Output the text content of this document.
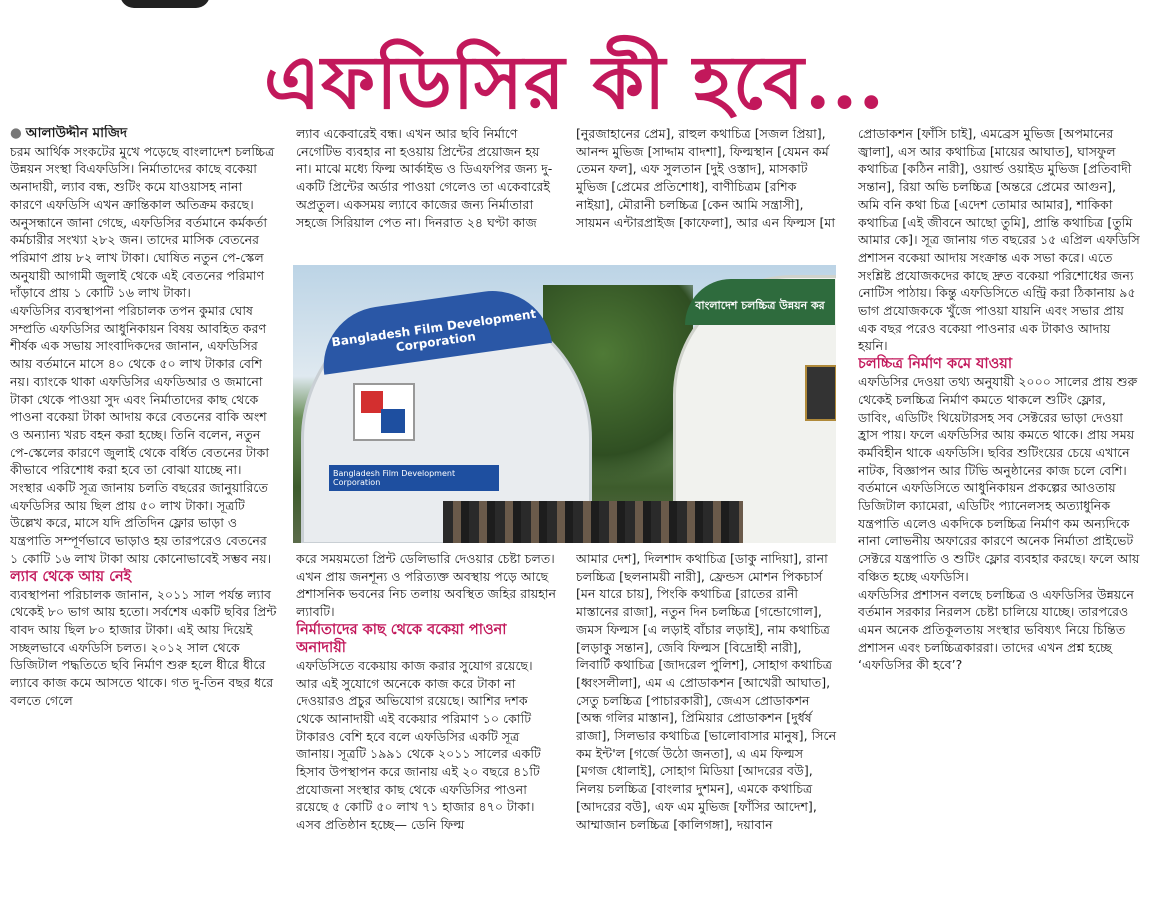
এফডিসির কী হবে...

● আলাউদ্দীন মাজিদ

চরম আর্থিক সংকটের মুখে পড়েছে বাংলাদেশ চলচ্চিত্র উন্নয়ন সংস্থা বিএফডিসি। নির্মাতাদের কাছে বকেয়া অনাদায়ী, ল্যাব বন্ধ, শুটিং কমে যাওয়াসহ নানা কারণে এফডিসি এখন ক্রান্তিকাল অতিক্রম করছে।

অনুসন্ধানে জানা গেছে, এফডিসির বর্তমানে কর্মকর্তা কর্মচারীর সংখ্যা ২৮২ জন। তাদের মাসিক বেতনের পরিমাণ প্রায় ৮২ লাখ টাকা। ঘোষিত নতুন পে-স্কেল অনুযায়ী আগামী জুলাই থেকে এই বেতনের পরিমাণ দাঁড়াবে প্রায় ১ কোটি ১৬ লাখ টাকা।

এফডিসির ব্যবস্থাপনা পরিচালক তপন কুমার ঘোষ সম্প্রতি এফডিসির আধুনিকায়ন বিষয় আবহিত করণ শীর্ষক এক সভায় সাংবাদিকদের জানান, এফডিসির আয় বর্তমানে মাসে ৪০ থেকে ৫০ লাখ টাকার বেশি নয়। ব্যাংকে থাকা এফডিসির এফডিআর ও জমানো টাকা থেকে পাওয়া সুদ এবং নির্মাতাদের কাছ থেকে পাওনা বকেয়া টাকা আদায় করে বেতনের বাকি অংশ ও অন্যান্য খরচ বহন করা হচ্ছে। তিনি বলেন, নতুন পে-স্কেলের কারণে জুলাই থেকে বর্ধিত বেতনের টাকা কীভাবে পরিশোধ করা হবে তা বোঝা যাচ্ছে না। সংস্থার একটি সূত্র জানায় চলতি বছরের জানুয়ারিতে এফডিসির আয় ছিল প্রায় ৫০ লাখ টাকা। সূত্রটি উল্লেখ করে, মাসে যদি প্রতিদিন ফ্লোর ভাড়া ও যন্ত্রপাতি সম্পূর্ণভাবে ভাড়াও হয় তারপরেও বেতনের ১ কোটি ১৬ লাখ টাকা আয় কোনোভাবেই সম্ভব নয়।

ল্যাব থেকে আয় নেই

ব্যবস্থাপনা পরিচালক জানান, ২০১১ সাল পর্যন্ত ল্যাব থেকেই ৮০ ভাগ আয় হতো। সর্বশেষ একটি ছবির প্রিন্ট বাবদ আয় ছিল ৮০ হাজার টাকা। এই আয় দিয়েই সচ্ছলভাবে এফডিসি চলত। ২০১২ সাল থেকে ডিজিটাল পদ্ধতিতে ছবি নির্মাণ শুরু হলে ধীরে ধীরে ল্যাবে কাজ কমে আসতে থাকে। গত দু-তিন বছর ধরে বলতে গেলে

ল্যাব একেবারেই বন্ধ। এখন আর ছবি নির্মাণে নেগেটিভ ব্যবহার না হওয়ায় প্রিন্টের প্রয়োজন হয় না। মাঝে মধ্যে ফিল্ম আর্কাইভ ও ডিএফপির জন্য দু-একটি প্রিন্টের অর্ডার পাওয়া গেলেও তা একেবারেই অপ্রতুল। একসময় ল্যাবে কাজের জন্য নির্মাতারা সহজে সিরিয়াল পেত না। দিনরাত ২৪ ঘণ্টা কাজ

[নুরজাহানের প্রেম], রাহুল কথাচিত্র [সজল প্রিয়া], আনন্দ মুভিজ [সাদ্দাম বাদশা], ফিল্মস্থান [যেমন কর্ম তেমন ফল], এফ সুলতান [দুই ওস্তাদ], মাসকাট মুভিজ [প্রেমের প্রতিশোধ], বাণীচিত্রম [রশিক নাইয়া], মৌরানী চলচ্চিত্র [কেন আমি সন্ত্রাসী], সায়মন এন্টারপ্রাইজ [কাফেলা], আর এন ফিল্মস [মা

Bangladesh Film Development Corporation
Bangladesh Film Development Corporation
বাংলাদেশ চলচ্চিত্র উন্নয়ন কর

করে সময়মতো প্রিন্ট ডেলিভারি দেওয়ার চেষ্টা চলত। এখন প্রায় জনশূন্য ও পরিত্যক্ত অবস্থায় পড়ে আছে প্রশাসনিক ভবনের নিচ তলায় অবস্থিত জহির রায়হান ল্যাবটি।

নির্মাতাদের কাছ থেকে বকেয়া পাওনা অনাদায়ী

এফডিসিতে বকেয়ায় কাজ করার সুযোগ রয়েছে। আর এই সুযোগে অনেকে কাজ করে টাকা না দেওয়ারও প্রচুর অভিযোগ রয়েছে। আশির দশক থেকে আনাদায়ী এই বকেয়ার পরিমাণ ১০ কোটি টাকারও বেশি হবে বলে এফডিসির একটি সূত্র জানায়। সূত্রটি ১৯৯১ থেকে ২০১১ সালের একটি হিসাব উপস্থাপন করে জানায় এই ২০ বছরে ৪১টি প্রযোজনা সংস্থার কাছ থেকে এফডিসির পাওনা রয়েছে ৫ কোটি ৫০ লাখ ৭১ হাজার ৪৭০ টাকা। এসব প্রতিষ্ঠান হচ্ছে— ডেনি ফিল্ম

আমার দেশ], দিলশাদ কথাচিত্র [ডাকু নাদিয়া], রানা চলচ্চিত্র [ছলনাময়ী নারী], ফ্রেন্ডস মোশন পিকচার্স [মন যারে চায়], পিংকি কথাচিত্র [রাতের রানী মাস্তানের রাজা], নতুন দিন চলচ্চিত্র [গন্ডোগোল], জমস ফিল্মস [এ লড়াই বাঁচার লড়াই], নাম কথাচিত্র [লড়াকু সন্তান], জেবি ফিল্মস [বিদ্রোহী নারী], লিবার্টি কথাচিত্র [জাদরেল পুলিশ], সোহাগ কথাচিত্র [ধ্বংসলীলা], এম এ প্রোডাকশন [আখেরী আঘাত], সেতু চলচ্চিত্র [পাচারকারী], জেএস প্রোডাকশন [অন্ধ গলির মাস্তান], প্রিমিয়ার প্রোডাকশন [দুর্ধর্ষ রাজা], সিলভার কথাচিত্র [ভালোবাসার মানুষ], সিনে কম ইন্ট'ল [গর্জে উঠো জনতা], এ এম ফিল্মস [মগজ ধোলাই], সোহাগ মিডিয়া [আদরের বউ], নিলয় চলচ্চিত্র [বাংলার দুশমন], এমকে কথাচিত্র [আদরের বউ], এফ এম মুভিজ [ফাঁসির আদেশ], আম্মাজান চলচ্চিত্র [কালিগঙ্গা], দয়াবান

প্রোডাকশন [ফাঁসি চাই], এমব্রেস মুভিজ [অপমানের জ্বালা], এস আর কথাচিত্র [মায়ের আঘাত], ঘাসফুল কথাচিত্র [কঠিন নারী], ওয়ার্ল্ড ওয়াইড মুভিজ [প্রতিবাদী সন্তান], রিয়া অভি চলচ্চিত্র [অন্তরে প্রেমের আগুন], অমি বনি কথা চিত্র [এদেশ তোমার আমার], শাকিকা কথাচিত্র [এই জীবনে আছো তুমি], প্রান্তি কথাচিত্র [তুমি আমার কে]। সূত্র জানায় গত বছরের ১৫ এপ্রিল এফডিসি প্রশাসন বকেয়া আদায় সংক্রান্ত এক সভা করে। এতে সংশ্লিষ্ট প্রযোজকদের কাছে দ্রুত বকেয়া পরিশোধের জন্য নোটিস পাঠায়। কিন্তু এফডিসিতে এন্ট্রি করা ঠিকানায় ৯৫ ভাগ প্রযোজককে খুঁজে পাওয়া যায়নি এবং সভার প্রায় এক বছর পরেও বকেয়া পাওনার এক টাকাও আদায় হয়নি।

চলচ্চিত্র নির্মাণ কমে যাওয়া

এফডিসির দেওয়া তথ্য অনুযায়ী ২০০০ সালের প্রায় শুরু থেকেই চলচ্চিত্র নির্মাণ কমতে থাকলে শুটিং ফ্লোর, ডাবিং, এডিটিং থিয়েটারসহ সব সেক্টরের ভাড়া দেওয়া হ্রাস পায়। ফলে এফডিসির আয় কমতে থাকে। প্রায় সময় কর্মবিহীন থাকে এফডিসি। ছবির শুটিংয়ের চেয়ে এখানে নাটক, বিজ্ঞাপন আর টিভি অনুষ্ঠানের কাজ চলে বেশি।

বর্তমানে এফডিসিতে আধুনিকায়ন প্রকল্পের আওতায় ডিজিটাল ক্যামেরা, এডিটিং প্যানেলসহ অত্যাধুনিক যন্ত্রপাতি এলেও একদিকে চলচ্চিত্র নির্মাণ কম অন্যদিকে নানা লোভনীয় অফারের কারণে অনেক নির্মাতা প্রাইভেট সেক্টরে যন্ত্রপাতি ও শুটিং ফ্লোর ব্যবহার করছে। ফলে আয় বঞ্চিত হচ্ছে এফডিসি।

এফডিসির প্রশাসন বলছে চলচ্চিত্র ও এফডিসির উন্নয়নে বর্তমান সরকার নিরলস চেষ্টা চালিয়ে যাচ্ছে। তারপরেও এমন অনেক প্রতিকূলতায় সংস্থার ভবিষ্যৎ নিয়ে চিন্তিত প্রশাসন এবং চলচ্চিত্রকাররা। তাদের এখন প্রশ্ন হচ্ছে ‘এফডিসির কী হবে’?
